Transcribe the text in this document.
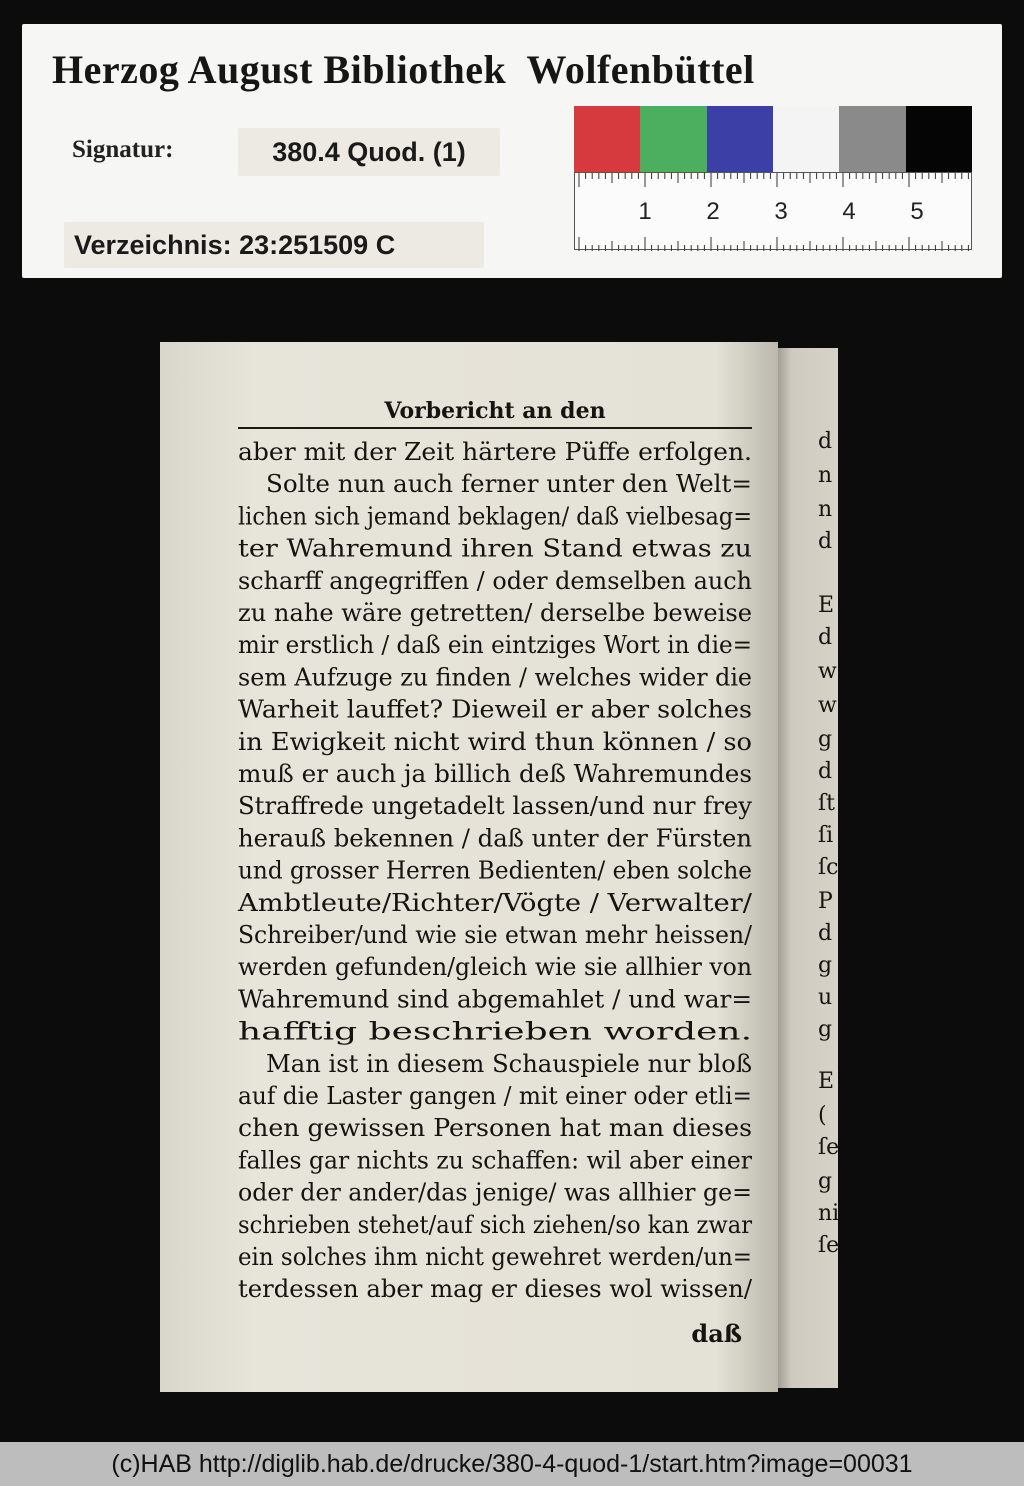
Herzog August Bibliothek  Wolfenbüttel
Signatur:	380.4 Quod. (1)
Verzeichnis: 23:251509 C
1 2 3 4 5
Vorbericht an den
aber mit der Zeit härtere Püffe erfolgen.
Solte nun auch ferner unter den Welt=
lichen sich jemand beklagen/ daß vielbesag=
ter Wahremund ihren Stand etwas zu
scharff angegriffen / oder demselben auch
zu nahe wäre getretten/ derselbe beweise
mir erstlich / daß ein eintziges Wort in die=
sem Aufzuge zu finden / welches wider die
Warheit lauffet? Dieweil er aber solches
in Ewigkeit nicht wird thun können / so
muß er auch ja billich deß Wahremundes
Straffrede ungetadelt lassen/und nur frey
herauß bekennen / daß unter der Fürsten
und grosser Herren Bedienten/ eben solche
Ambtleute/Richter/Vögte / Verwalter/
Schreiber/und wie sie etwan mehr heissen/
werden gefunden/gleich wie sie allhier von
Wahremund sind abgemahlet / und war=
hafftig beschrieben worden.
Man ist in diesem Schauspiele nur bloß
auf die Laster gangen / mit einer oder etli=
chen gewissen Personen hat man dieses
falles gar nichts zu schaffen: wil aber einer
oder der ander/das jenige/ was allhier ge=
schrieben stehet/auf sich ziehen/so kan zwar
ein solches ihm nicht gewehret werden/un=
terdessen aber mag er dieses wol wissen/
daß
d
n
n
d
E
d
w
w
g
d
ſt
ſi
ſc
P
d
g
u
g
E
(
ſe
g
ni
ſe
(c)HAB http://diglib.hab.de/drucke/380-4-quod-1/start.htm?image=00031
